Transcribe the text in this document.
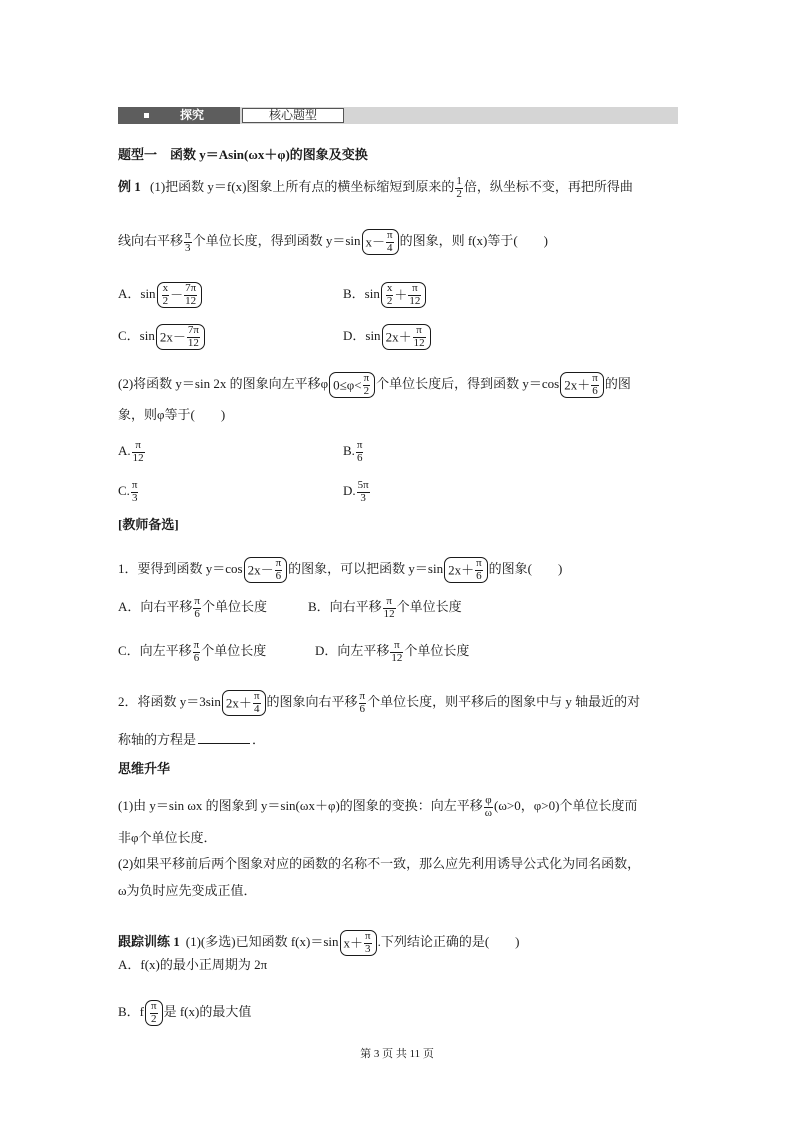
探究	核心题型
题型一　函数 y＝Asin(ωx＋φ)的图象及变换
例 1 (1)把函数 y＝f(x)图象上所有点的横坐标缩短到原来的 $\frac{1}{2}$ 倍，纵坐标不变，再把所得曲
线向右平移 $\frac{\pi}{3}$ 个单位长度，得到函数 y＝sin $x- \frac{\pi}{4}$ 的图象，则 f(x)等于(　　)
A．$\sin \frac{x}{2} - \frac{7\pi}{12}$	B．$\sin \frac{x}{2} + \frac{\pi}{12}$
C．$\sin 2x- \frac{7\pi}{12}$	D．$\sin 2x+ \frac{\pi}{12}$
(2)将函数 y＝sin 2x 的图象向左平移φ $0\le\varphi< \frac{\pi}{2}$ 个单位长度后，得到函数 y＝cos $2x+ \frac{\pi}{6}$ 的图
象，则φ等于(　　)
A. $\frac{\pi}{12}$	B. $\frac{\pi}{6}$
C. $\frac{\pi}{3}$	D. $\frac{5\pi}{3}$
[教师备选]
1．要得到函数 y＝cos $2x- \frac{\pi}{6}$ 的图象，可以把函数 y＝sin $2x+ \frac{\pi}{6}$ 的图象(　　)
A．向右平移 $\frac{\pi}{6}$ 个单位长度	B．向右平移 $\frac{\pi}{12}$ 个单位长度
C．向左平移 $\frac{\pi}{6}$ 个单位长度	D．向左平移 $\frac{\pi}{12}$ 个单位长度
2．将函数 y＝3sin $2x+ \frac{\pi}{4}$ 的图象向右平移 $\frac{\pi}{6}$ 个单位长度，则平移后的图象中与 y 轴最近的对
称轴的方程是	．
思维升华
(1)由 y＝sin ωx 的图象到 y＝sin(ωx＋φ)的图象的变换：向左平移 $\frac{\varphi}{\omega} (\omega>0$，φ>0)个单位长度而
非φ个单位长度．
(2)如果平移前后两个图象对应的函数的名称不一致，那么应先利用诱导公式化为同名函数，
ω为负时应先变成正值．
跟踪训练 1 (1)(多选)已知函数 f(x)＝sin $x+ \frac{\pi}{3}$ .下列结论正确的是(　　)
A．f(x)的最小正周期为 2π
B．f $\frac{\pi}{2}$ 是 f(x)的最大值
第 3 页 共 11 页
